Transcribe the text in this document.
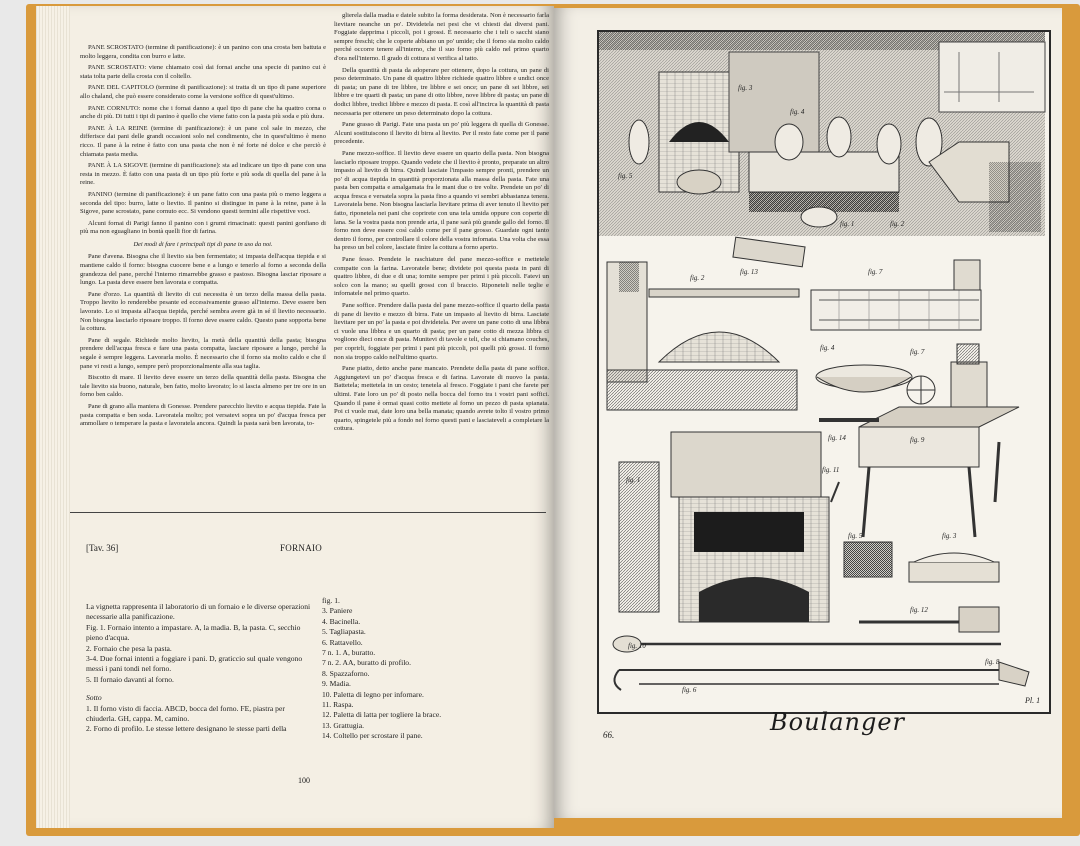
PANE SCROSTATO (termine di panificazione): è un panino con una crosta ben battuta e molto leggera, condita con burro e latte.

PANE SCROSTATO: viene chiamato così dai fornai anche una specie di panino cui è stata tolta parte della crosta con il coltello.

PANE DEL CAPITOLO (termine di panificazione): si tratta di un tipo di pane superiore allo chaland, che può essere considerato come la versione soffice di quest'ultimo.

PANE CORNUTO: nome che i fornai danno a quel tipo di pane che ha quattro corna o anche di più. Di tutti i tipi di panino è quello che viene fatto con la pasta più soda e più dura.

PANE À LA REINE (termine di panificazione): è un pane col sale in mezzo, che differisce dai pani delle grandi occasioni solo nel condimento, che in quest'ultimo è meno ricco. Il pane à la reine è fatto con una pasta che non è né forte né dolce e che perciò è chiamata pasta media.

PANE À LA SIGOVE (termine di panificazione): sta ad indicare un tipo di pane con una resta in mezzo. È fatto con una pasta di un tipo più forte e più soda di quella del pane à la reine.

PANINO (termine di panificazione): è un pane fatto con una pasta più o meno leggera a seconda del tipo: burro, latte o lievito. Il panino si distingue in pane à la reine, pane à la Sigove, pane scrostato, pane cornuto ecc. Si vendono questi termini alle rispettive voci.

Alcuni fornai di Parigi fanno il panino con i grumi rimacinati: questi panini gonfiano di più ma non eguagliano in bontà quelli fior di farina.

Dei modi di fare i principali tipi di pane in uso da noi.

Pane d'avena. Bisogna che il lievito sia ben fermentato; si impasta dell'acqua tiepida e si mantiene caldo il forno: bisogna cuocere bene e a lungo e tenerlo al forno a seconda della grandezza del pane, perché l'interno rimarrebbe grasso e pastoso. Bisogna lasciar riposare a lungo. La pasta deve essere ben lavorata e compatta.

Pane d'orzo. La quantità di lievito di cui necessita è un terzo della massa della pasta. Troppo lievito lo renderebbe pesante ed eccessivamente grasso all'interno. Deve essere ben lavorato. Lo si impasta all'acqua tiepida, perché sembra avere già in sé il lievito necessario. Non bisogna lasciarlo riposare troppo. Il forno deve essere caldo. Questo pane sopporta bene la cottura.

Pane di segale. Richiede molto lievito, la metà della quantità della pasta; bisogna prendere dell'acqua fresca e fare una pasta compatta, lasciare riposare a lungo, perché la segale è sempre leggera. Lavorarla molto. È necessario che il forno sia molto caldo e che il pane vi resti a lungo, sempre però proporzionalmente alla sua taglia.

Biscotto di mare. Il lievito deve essere un terzo della quantità della pasta. Bisogna che tale lievito sia buono, naturale, ben fatto, molto lavorato; lo si lascia almeno per tre ore in un forno ben caldo.

Pane di grano alla maniera di Gonesse. Prendere parecchio lievito e acqua tiepida. Fate la pasta compatta e ben soda. Lavoratela molto; poi versatevi sopra un po' d'acqua fresca per ammollare o temperare la pasta e lavoratela ancora. Quindi la pasta sarà ben lavorata, to-

glierela dalla madia e datele subito la forma desiderata. Non è necessario farla lievitare neanche un po'. Dividetela nei pesi che vi chiesti dai diversi pani. Foggiate dapprima i piccoli, poi i grossi. È necessario che i teli o sacchi siano sempre freschi; che le coperte abbiano un po' umide; che il forno sia molto caldo perché occorre tenere all'interno, che il suo forno più caldo nel primo quarto d'ora nell'interno. Il grado di cottura si verifica al tatto.

Della quantità di pasta da adoperare per ottenere, dopo la cottura, un pane di peso determinato. Un pane di quattro libbre richiede quattro libbre e undici once di pasta; un pane di tre libbre, tre libbre e sei once; un pane di sei libbre, sei libbre e tre quarti di pasta; un pane di otto libbre, nove libbre di pasta; un pane di dodici libbre, tredici libbre e mezzo di pasta. E così all'incirca la quantità di pasta necessaria per ottenere un peso determinato dopo la cottura.

Pane grasso di Parigi. Fate una pasta un po' più leggera di quella di Gonesse. Alcuni sostituiscono il lievito di birra al lievito. Per il resto fate come per il pane precedente.

Pane mezzo-soffice. Il lievito deve essere un quarto della pasta. Non bisogna lasciarlo riposare troppo. Quando vedete che il lievito è pronto, preparate un altro impasto al lievito di birra. Quindi lasciate l'impasto sempre pronti, prendere un po' di acqua tiepida in quantità proporzionata alla massa della pasta. Fate una pasta ben compatta e amalgamata fra le mani due o tre volte. Prendete un po' di acqua fresca e versatela sopra la pasta fino a quando vi sembri abbastanza tenera. Lavoratela bene. Non bisogna lasciarla lievitare prima di aver tenuto il lievito per fatto, riponetela nei pani che coprirete con una tela umida oppure con coperte di lana. Se la vostra pasta non prende aria, il pane sarà più grande gallo del forno. Il forno non deve essere così caldo come per il pane grosso. Guardate ogni tanto dentro il forno, per controllare il colore della vostra infornata. Una volta che essa ha preso un bel colore, lasciate finire la cottura a forno aperto.

Pane fesso. Prendete le raschiature del pane mezzo-soffice e mettetele compatte con la farina. Lavoratele bene; dividete poi questa pasta in pani di quattro libbre, di due e di una; tornite sempre per primi i più piccoli. Fatevi un solco con la mano; su quelli grossi con il braccio. Riponeteli nelle teglie e infornatele nel primo quarto.

Pane soffice. Prendere dalla pasta del pane mezzo-soffice il quarto della pasta di pane di lievito e mezzo di birra. Fate un impasto al lievito di birra. Lasciate lievitare per un po' la pasta e poi dividetela. Per avere un pane cotto di una libbra ci vuole una libbra e un quarto di pasta; per un pane cotto di mezza libbra ci vogliono dieci once di pasta. Munitevi di tavole e teli, che si chiamano couches, per coprirli, foggiate per primi i pani più piccoli, poi quelli più grossi. Il forno non sia troppo caldo nell'ultimo quarto.

Pane piatto, detto anche pane mancato. Prendete della pasta di pane soffice. Aggiungetevi un po' d'acqua fresca e di farina. Lavorate di nuovo la pasta. Battetela; mettetela in un cesto; tenetela al fresco. Foggiate i pani che farete per ultimi. Fate loro un po' di posto nella bocca del forno tra i vostri pani soffici. Quando il pane è ormai quasi cotto mettete al forno un pezzo di pasta spianata. Poi ci vuole mai, date loro una bella manata; quando avrete tolto il vostro primo quarto, spingetele più a fondo nel forno questi pani e lasciateveli a completare la cottura.

[Tav. 36]	FORNAIO
La vignetta rappresenta il laboratorio di un fornaio e le diverse operazioni necessarie alla panificazione.
Fig. 1. Fornaio intento a impastare. A, la madia. B, la pasta. C, secchio pieno d'acqua.
2. Fornaio che pesa la pasta.
3-4. Due fornai intenti a foggiare i pani. D, graticcio sul quale vengono messi i pani tondi nel forno.
5. Il fornaio davanti al forno.
Sotto
1. Il forno visto di faccia. ABCD, bocca del forno. FE, piastra per chiuderla. GH, cappa. M, camino.
2. Forno di profilo. Le stesse lettere designano le stesse parti della
fig. 1.
3. Paniere
4. Bacinella.
5. Tagliapasta.
6. Rattavello.
7 n. 1. A, buratto.
7 n. 2. AA, buratto di profilo.
8. Spazzaforno.
9. Madia.
10. Paletta di legno per infornare.
11. Raspa.
12. Paletta di latta per togliere la brace.
13. Grattugia.
14. Coltello per scrostare il pane.
100
fig. 3
fig. 4
fig. 5
fig. 1	fig. 2
fig. 2
fig. 13	fig. 7
fig. 4	fig. 7
fig. 14	fig. 9
fig. 11
fig. 1
fig. 5	fig. 3
fig. 12
fig. 10
fig. 8
fig. 6
Pl. 1
Boulanger
66.
